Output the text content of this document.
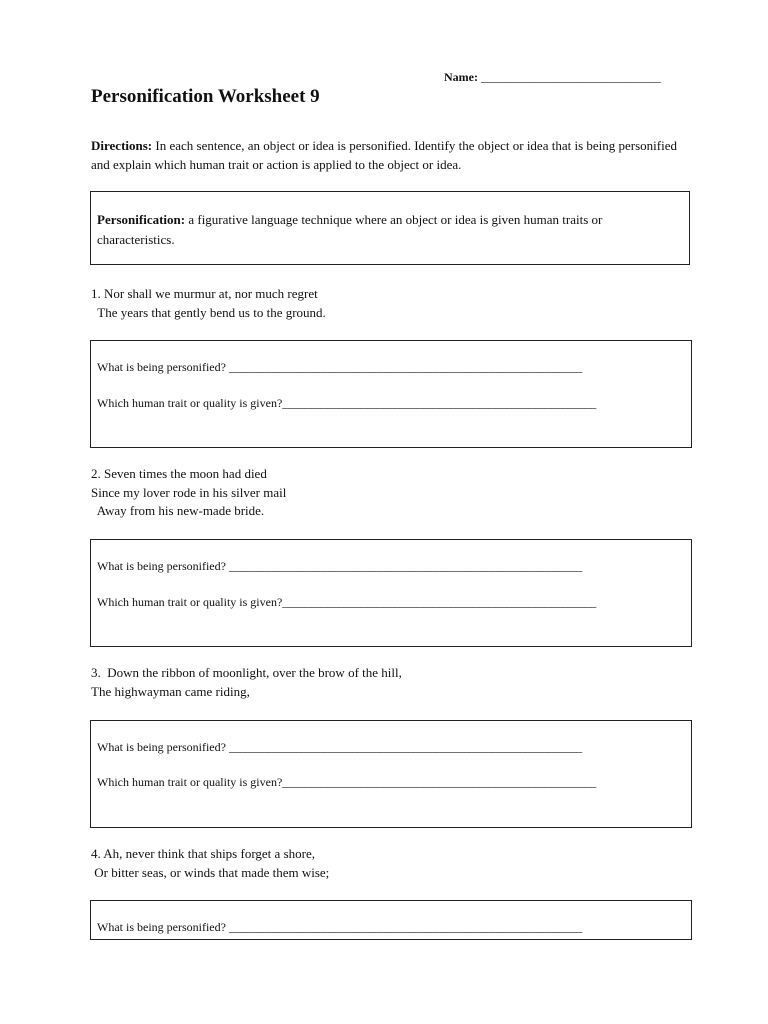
Name: ______________________________
Personification Worksheet 9
Directions: In each sentence, an object or idea is personified. Identify the object or idea that is being personified and explain which human trait or action is applied to the object or idea.
Personification: a figurative language technique where an object or idea is given human traits or characteristics.
1. Nor shall we murmur at, nor much regret
The years that gently bend us to the ground.
What is being personified? _______________________________________________________________
Which human trait or quality is given?________________________________________________________
2. Seven times the moon had died
Since my lover rode in his silver mail
Away from his new-made bride.
What is being personified? _______________________________________________________________
Which human trait or quality is given?________________________________________________________
3.  Down the ribbon of moonlight, over the brow of the hill,
The highwayman came riding,
What is being personified? _______________________________________________________________
Which human trait or quality is given?________________________________________________________
4. Ah, never think that ships forget a shore,
Or bitter seas, or winds that made them wise;
What is being personified? _______________________________________________________________
